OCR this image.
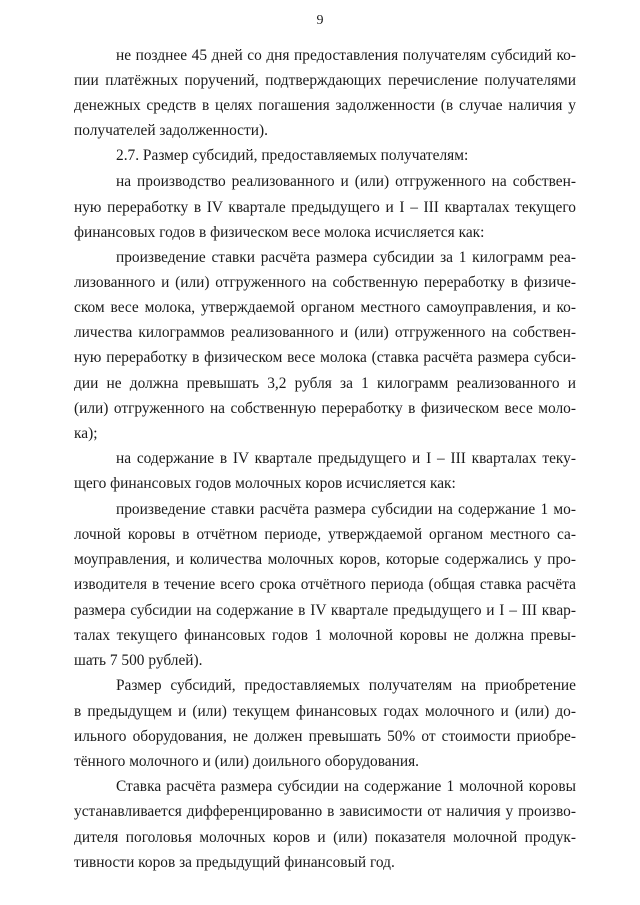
9
не позднее 45 дней со дня предоставления получателям субсидий ко-
пии платёжных поручений, подтверждающих перечисление получателями
денежных средств в целях погашения задолженности (в случае наличия у
получателей задолженности).
2.7. Размер субсидий, предоставляемых получателям:
на производство реализованного и (или) отгруженного на собствен-
ную переработку в IV квартале предыдущего и I – III кварталах текущего
финансовых годов в физическом весе молока исчисляется как:
произведение ставки расчёта размера субсидии за 1 килограмм реа-
лизованного и (или) отгруженного на собственную переработку в физиче-
ском весе молока, утверждаемой органом местного самоуправления, и ко-
личества килограммов реализованного и (или) отгруженного на собствен-
ную переработку в физическом весе молока (ставка расчёта размера субси-
дии не должна превышать 3,2 рубля за 1 килограмм реализованного и
(или) отгруженного на собственную переработку в физическом весе моло-
ка);
на содержание в IV квартале предыдущего и I – III кварталах теку-
щего финансовых годов молочных коров исчисляется как:
произведение ставки расчёта размера субсидии на содержание 1 мо-
лочной коровы в отчётном периоде, утверждаемой органом местного са-
моуправления, и количества молочных коров, которые содержались у про-
изводителя в течение всего срока отчётного периода (общая ставка расчёта
размера субсидии на содержание в IV квартале предыдущего и I – III квар-
талах текущего финансовых годов 1 молочной коровы не должна превы-
шать 7 500 рублей).
Размер субсидий, предоставляемых получателям на приобретение
в предыдущем и (или) текущем финансовых годах молочного и (или) до-
ильного оборудования, не должен превышать 50% от стоимости приобре-
тённого молочного и (или) доильного оборудования.
Ставка расчёта размера субсидии на содержание 1 молочной коровы
устанавливается дифференцированно в зависимости от наличия у произво-
дителя поголовья молочных коров и (или) показателя молочной продук-
тивности коров за предыдущий финансовый год.
